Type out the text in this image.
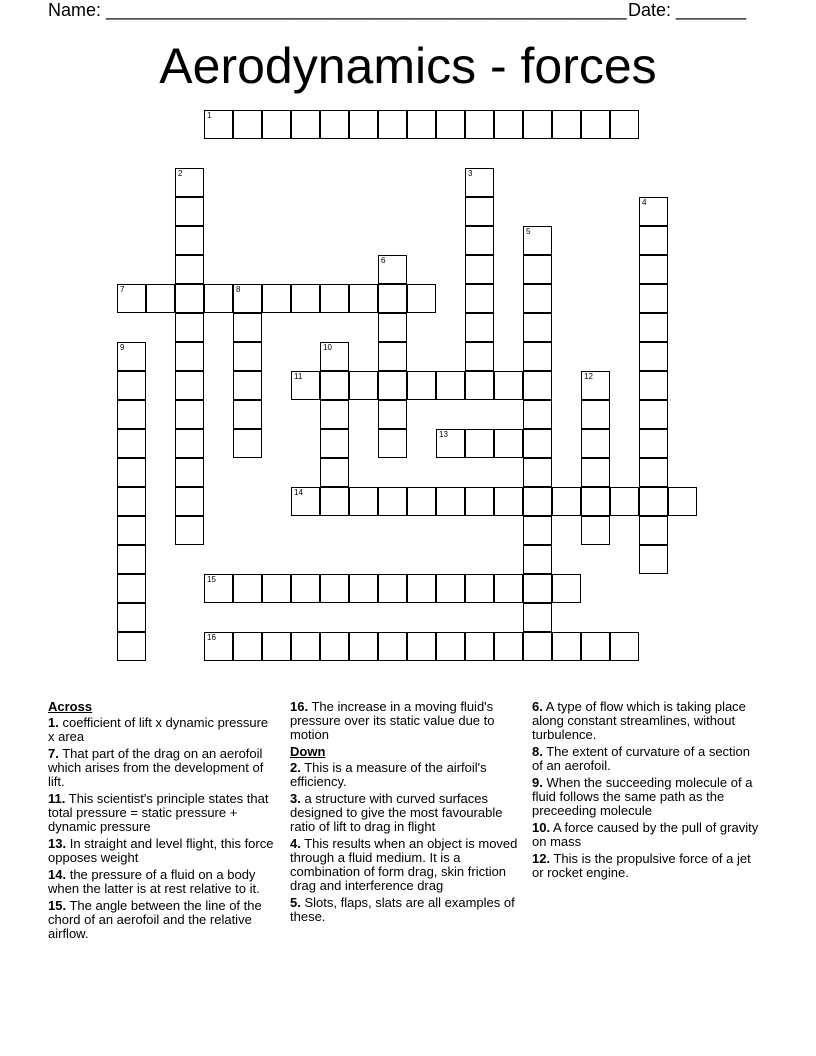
Name: ____________________________________________________ Date: _______
Aerodynamics - forces
1
2	3
4
5
6
7	8
9	10
11	12
13
14
15
16
Across
1. coefficient of lift x dynamic pressure x area
7. That part of the drag on an aerofoil which arises from the development of lift.
11. This scientist's principle states that total pressure = static pressure + dynamic pressure
13. In straight and level flight, this force opposes weight
14. the pressure of a fluid on a body when the latter is at rest relative to it.
15. The angle between the line of the chord of an aerofoil and the relative airflow.
16. The increase in a moving fluid's pressure over its static value due to motion
Down
2. This is a measure of the airfoil's efficiency.
3. a structure with curved surfaces designed to give the most favourable ratio of lift to drag in flight
4. This results when an object is moved through a fluid medium. It is a combination of form drag, skin friction drag and interference drag
5. Slots, flaps, slats are all examples of these.
6. A type of flow which is taking place along constant streamlines, without turbulence.
8. The extent of curvature of a section of an aerofoil.
9. When the succeeding molecule of a fluid follows the same path as the preceeding molecule
10. A force caused by the pull of gravity on mass
12. This is the propulsive force of a jet or rocket engine.
